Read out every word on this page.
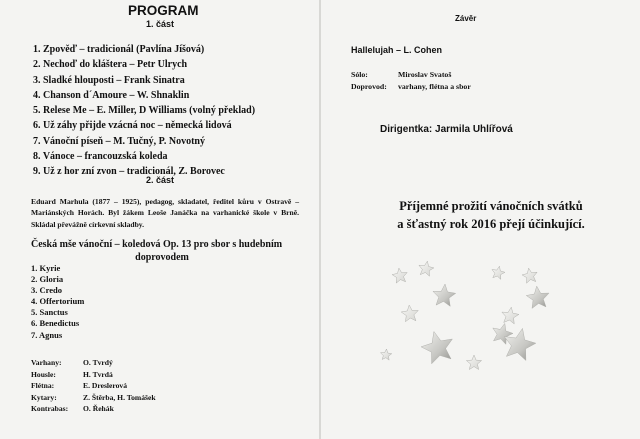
PROGRAM
1. část
1. Zpověď – tradicionál (Pavlína Jíšová)
2. Nechoď do kláštera – Petr Ulrych
3. Sladké hlouposti – Frank Sinatra
4. Chanson d´Amoure – W. Shnaklin
5. Relese Me – E. Miller, D Williams (volný překlad)
6. Už záhy přijde vzácná noc – německá lidová
7. Vánoční píseň – M. Tučný, P. Novotný
8. Vánoce – francouzská koleda
9. Už z hor zní zvon – tradicionál, Z. Borovec
2. část

Eduard Marhula (1877 – 1925), pedagog, skladatel, ředitel kůru v Ostravě – Mariánských Horách. Byl žákem Leoše Janáčka na varhanické škole v Brně. Skládal převážně církevní skladby.

Česká mše vánoční – koledová Op. 13 pro sbor s hudebním
doprovodem
1. Kyrie
2. Gloria
3. Credo
4. Offertorium
5. Sanctus
6. Benedictus
7. Agnus
Varhany:	O. Tvrdý
Housle:	H. Tvrdá
Flétna:	E. Dreslerová
Kytary:	Z. Štěrba, H. Tomášek
Kontrabas:	O. Řehák
Závěr
Hallelujah – L. Cohen
Sólo:	Miroslav Svatoš
Doprovod: varhany, flétna a sbor
Dirigentka: Jarmila Uhlířová
Příjemné prožití vánočních svátků
a šťastný rok 2016 přejí účinkující.
